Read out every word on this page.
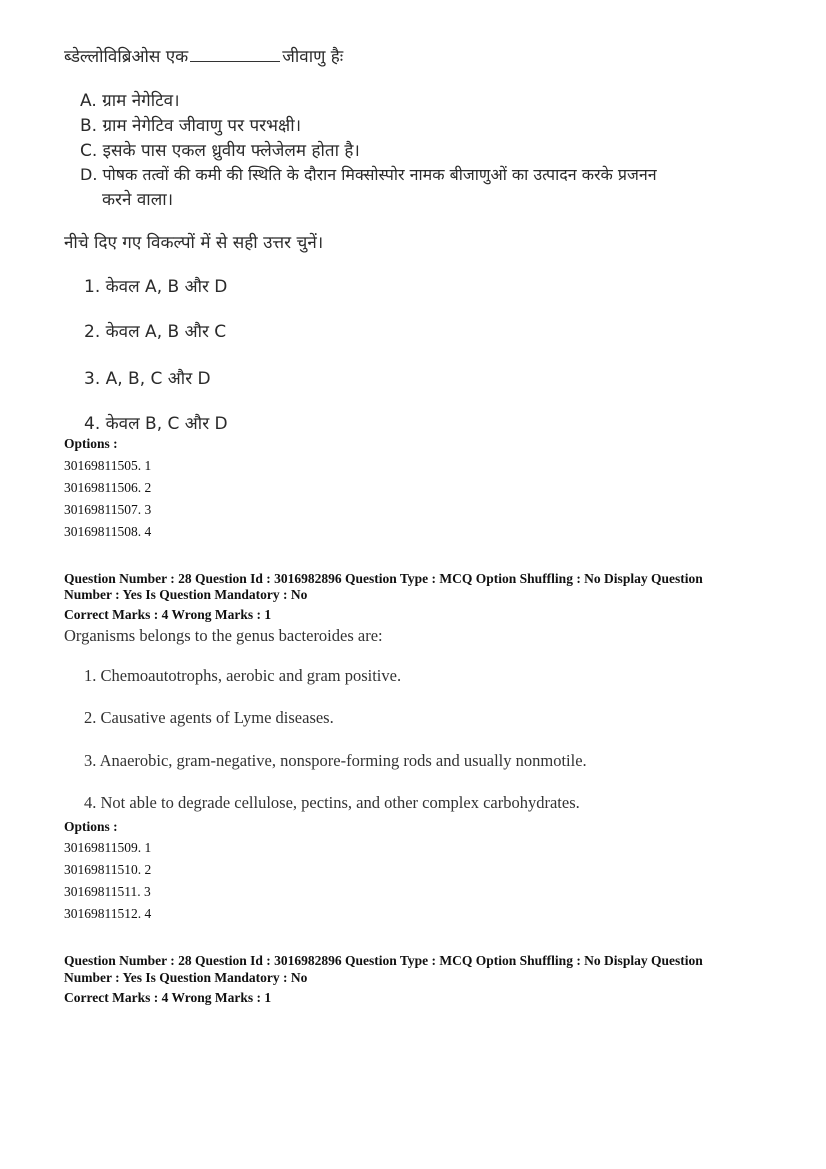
ब्डेल्लोविब्रिओस एक	जीवाणु हैः
A. ग्राम नेगेटिव।
B. ग्राम नेगेटिव जीवाणु पर परभक्षी।
C. इसके पास एकल ध्रुवीय फ्लेजेलम होता है।
D. पोषक तत्वों की कमी की स्थिति के दौरान मिक्सोस्पोर नामक बीजाणुओं का उत्पादन करके प्रजनन
करने वाला।
नीचे दिए गए विकल्पों में से सही उत्तर चुनें।
1. केवल A, B और D
2. केवल A, B और C
3. A, B, C और D
4. केवल B, C और D
Options :
30169811505. 1
30169811506. 2
30169811507. 3
30169811508. 4
Question Number : 28 Question Id : 3016982896 Question Type : MCQ Option Shuffling : No Display Question
Number : Yes Is Question Mandatory : No
Correct Marks : 4 Wrong Marks : 1
Organisms belongs to the genus bacteroides are:
1. Chemoautotrophs, aerobic and gram positive.
2. Causative agents of Lyme diseases.
3. Anaerobic, gram-negative, nonspore-forming rods and usually nonmotile.
4. Not able to degrade cellulose, pectins, and other complex carbohydrates.
Options :
30169811509. 1
30169811510. 2
30169811511. 3
30169811512. 4
Question Number : 28 Question Id : 3016982896 Question Type : MCQ Option Shuffling : No Display Question
Number : Yes Is Question Mandatory : No
Correct Marks : 4 Wrong Marks : 1
